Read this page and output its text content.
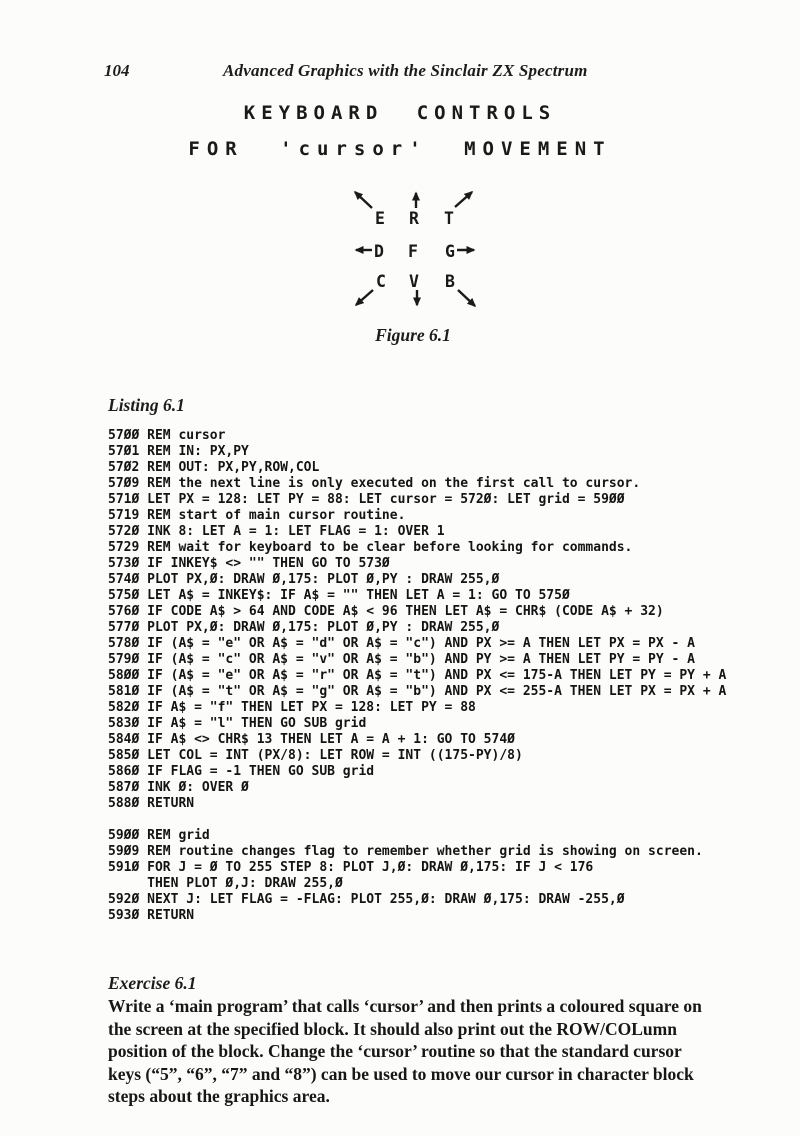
104	Advanced Graphics with the Sinclair ZX Spectrum
KEYBOARD CONTROLS
FOR 'cursor' MOVEMENT
E R T
D F G
C V B
Figure 6.1
Listing 6.1
57ØØ REM cursor
57Ø1 REM IN: PX,PY
57Ø2 REM OUT: PX,PY,ROW,COL
57Ø9 REM the next line is only executed on the first call to cursor.
571Ø LET PX = 128: LET PY = 88: LET cursor = 572Ø: LET grid = 59ØØ
5719 REM start of main cursor routine.
572Ø INK 8: LET A = 1: LET FLAG = 1: OVER 1
5729 REM wait for keyboard to be clear before looking for commands.
573Ø IF INKEY$ <> "" THEN GO TO 573Ø
574Ø PLOT PX,Ø: DRAW Ø,175: PLOT Ø,PY : DRAW 255,Ø
575Ø LET A$ = INKEY$: IF A$ = "" THEN LET A = 1: GO TO 575Ø
576Ø IF CODE A$ > 64 AND CODE A$ < 96 THEN LET A$ = CHR$ (CODE A$ + 32)
577Ø PLOT PX,Ø: DRAW Ø,175: PLOT Ø,PY : DRAW 255,Ø
578Ø IF (A$ = "e" OR A$ = "d" OR A$ = "c") AND PX >= A THEN LET PX = PX - A
579Ø IF (A$ = "c" OR A$ = "v" OR A$ = "b") AND PY >= A THEN LET PY = PY - A
58ØØ IF (A$ = "e" OR A$ = "r" OR A$ = "t") AND PX <= 175-A THEN LET PY = PY + A
581Ø IF (A$ = "t" OR A$ = "g" OR A$ = "b") AND PX <= 255-A THEN LET PX = PX + A
582Ø IF A$ = "f" THEN LET PX = 128: LET PY = 88
583Ø IF A$ = "l" THEN GO SUB grid
584Ø IF A$ <> CHR$ 13 THEN LET A = A + 1: GO TO 574Ø
585Ø LET COL = INT (PX/8): LET ROW = INT ((175-PY)/8)
586Ø IF FLAG = -1 THEN GO SUB grid
587Ø INK Ø: OVER Ø
588Ø RETURN
59ØØ REM grid
59Ø9 REM routine changes flag to remember whether grid is showing on screen.
591Ø FOR J = Ø TO 255 STEP 8: PLOT J,Ø: DRAW Ø,175: IF J < 176
THEN PLOT Ø,J: DRAW 255,Ø
592Ø NEXT J: LET FLAG = -FLAG: PLOT 255,Ø: DRAW Ø,175: DRAW -255,Ø
593Ø RETURN
Exercise 6.1
Write a ‘main program’ that calls ‘cursor’ and then prints a coloured square on
the screen at the specified block. It should also print out the ROW/COLumn
position of the block. Change the ‘cursor’ routine so that the standard cursor
keys (“5”, “6”, “7” and “8”) can be used to move our cursor in character block
steps about the graphics area.
